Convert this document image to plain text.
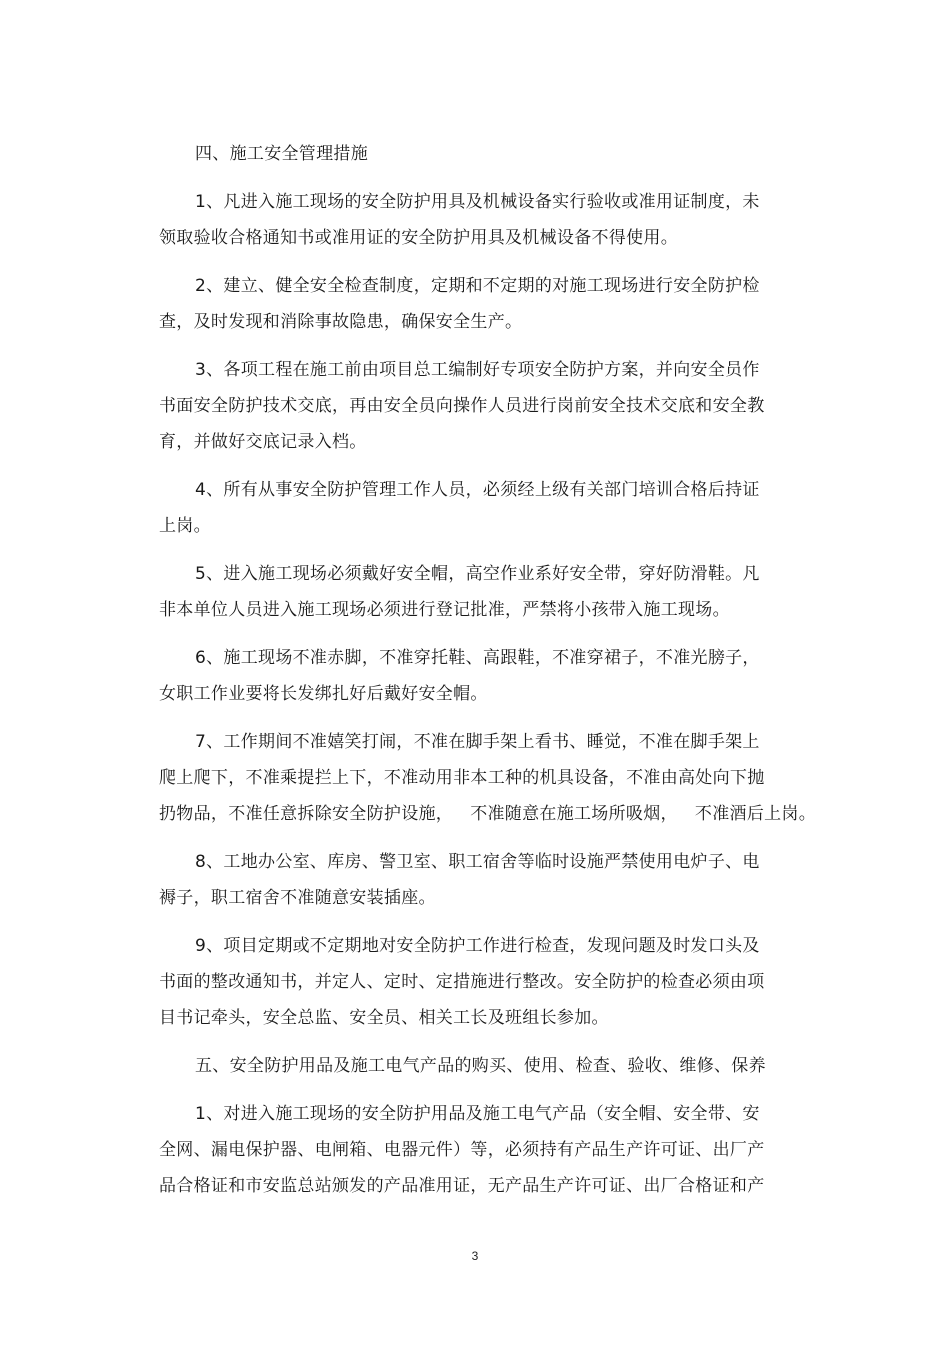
四、施工安全管理措施
1、凡进入施工现场的安全防护用具及机械设备实行验收或准用证制度，未
领取验收合格通知书或准用证的安全防护用具及机械设备不得使用。
2、建立、健全安全检查制度，定期和不定期的对施工现场进行安全防护检
查，及时发现和消除事故隐患，确保安全生产。
3、各项工程在施工前由项目总工编制好专项安全防护方案，并向安全员作
书面安全防护技术交底，再由安全员向操作人员进行岗前安全技术交底和安全教
育，并做好交底记录入档。
4、所有从事安全防护管理工作人员，必须经上级有关部门培训合格后持证
上岗。
5、进入施工现场必须戴好安全帽，高空作业系好安全带，穿好防滑鞋。凡
非本单位人员进入施工现场必须进行登记批准，严禁将小孩带入施工现场。
6、施工现场不准赤脚，不准穿托鞋、高跟鞋，不准穿裙子，不准光膀子，
女职工作业要将长发绑扎好后戴好安全帽。
7、工作期间不准嬉笑打闹，不准在脚手架上看书、睡觉，不准在脚手架上
爬上爬下，不准乘提拦上下，不准动用非本工种的机具设备，不准由高处向下抛
扔物品，不准任意拆除安全防护设施，   不准随意在施工场所吸烟，   不准酒后上岗。
8、工地办公室、库房、警卫室、职工宿舍等临时设施严禁使用电炉子、电
褥子，职工宿舍不准随意安装插座。
9、项目定期或不定期地对安全防护工作进行检查，发现问题及时发口头及
书面的整改通知书，并定人、定时、定措施进行整改。安全防护的检查必须由项
目书记牵头，安全总监、安全员、相关工长及班组长参加。
五、安全防护用品及施工电气产品的购买、使用、检查、验收、维修、保养
1、对进入施工现场的安全防护用品及施工电气产品（安全帽、安全带、安
全网、漏电保护器、电闸箱、电器元件）等，必须持有产品生产许可证、出厂产
品合格证和市安监总站颁发的产品准用证，无产品生产许可证、出厂合格证和产
3
